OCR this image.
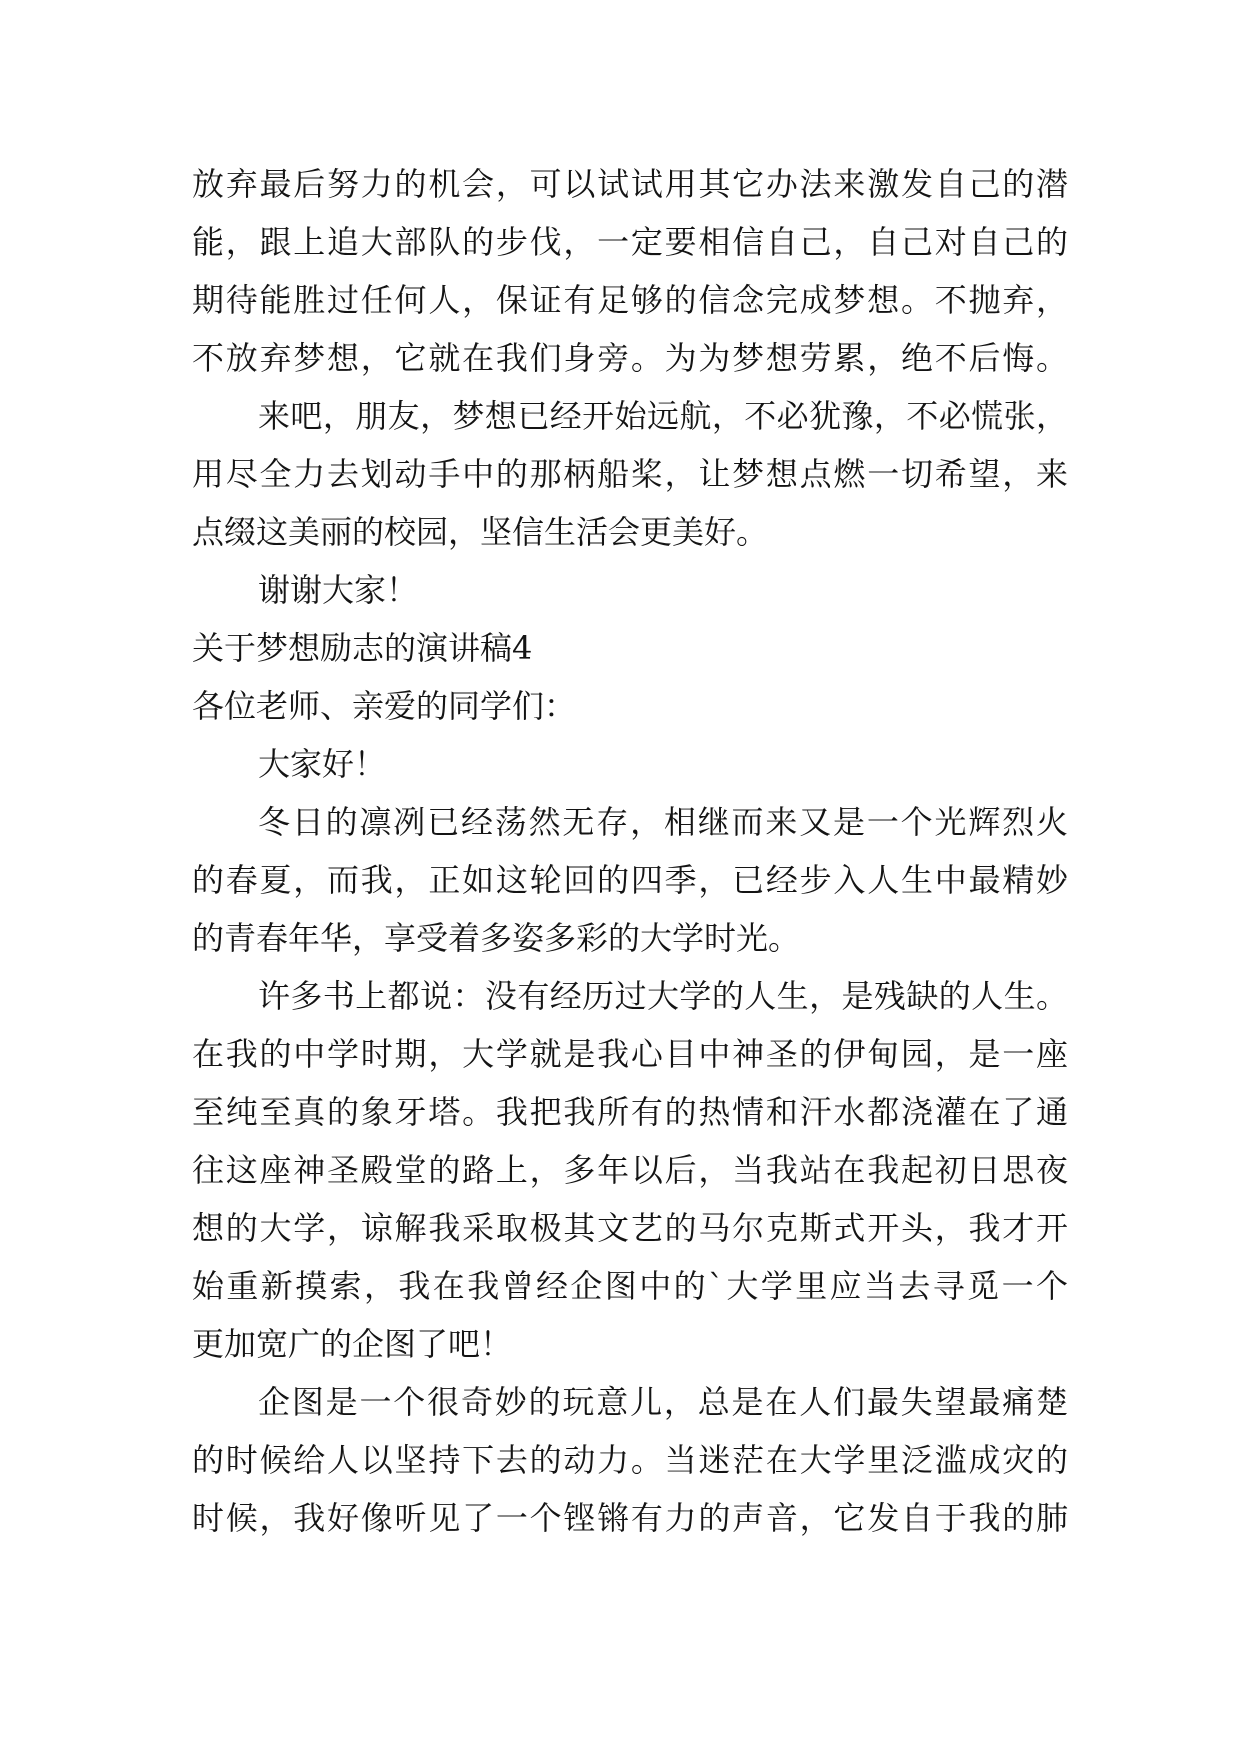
放弃最后努力的机会，可以试试用其它办法来激发自己的潜
能，跟上追大部队的步伐，一定要相信自己，自己对自己的
期待能胜过任何人，保证有足够的信念完成梦想。不抛弃，
不放弃梦想，它就在我们身旁。为为梦想劳累，绝不后悔。
来吧，朋友，梦想已经开始远航，不必犹豫，不必慌张，
用尽全力去划动手中的那柄船桨，让梦想点燃一切希望，来
点缀这美丽的校园，坚信生活会更美好。
谢谢大家！
关于梦想励志的演讲稿4
各位老师、亲爱的同学们：
大家好！
冬日的凛冽已经荡然无存，相继而来又是一个光辉烈火
的春夏，而我，正如这轮回的四季，已经步入人生中最精妙
的青春年华，享受着多姿多彩的大学时光。
许多书上都说：没有经历过大学的人生，是残缺的人生。
在我的中学时期，大学就是我心目中神圣的伊甸园，是一座
至纯至真的象牙塔。我把我所有的热情和汗水都浇灌在了通
往这座神圣殿堂的路上，多年以后，当我站在我起初日思夜
想的大学，谅解我采取极其文艺的马尔克斯式开头，我才开
始重新摸索，我在我曾经企图中的`大学里应当去寻觅一个
更加宽广的企图了吧！
企图是一个很奇妙的玩意儿，总是在人们最失望最痛楚
的时候给人以坚持下去的动力。当迷茫在大学里泛滥成灾的
时候，我好像听见了一个铿锵有力的声音，它发自于我的肺
